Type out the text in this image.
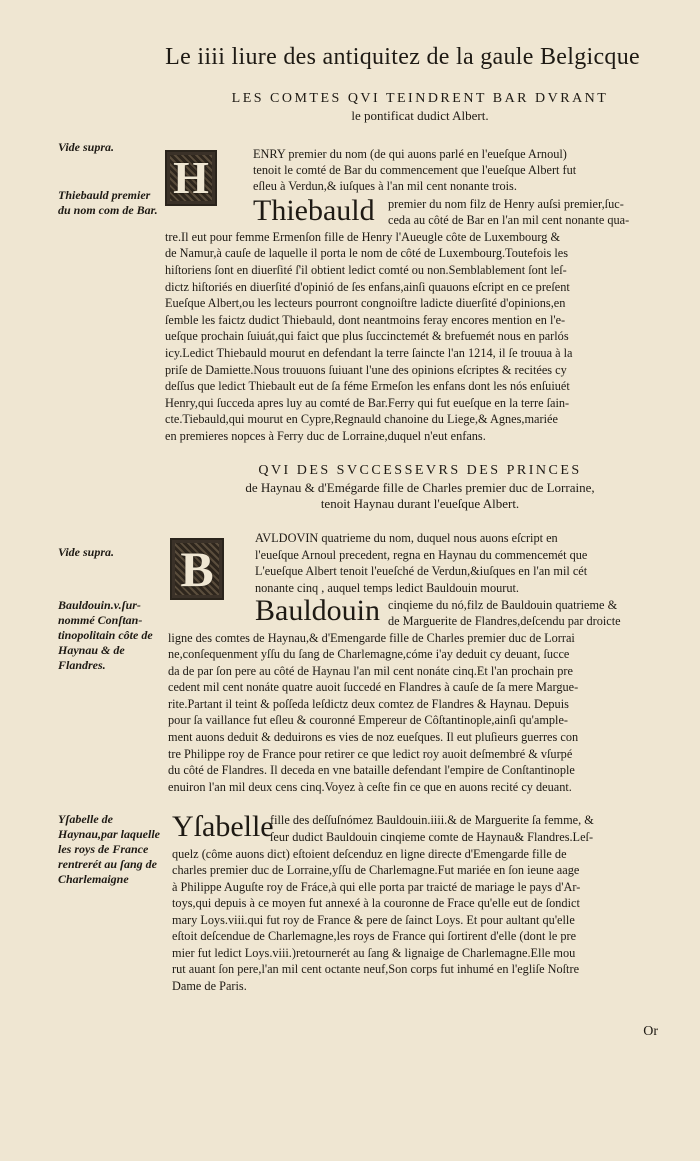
Le iiii liure des antiquitez de la gaule Belgicque
LES COMTES QVI TEINDRENT BAR DVRANT
le pontificat dudict Albert.
Vide supra.
Thiebauld premier du nom com de Bar.
H	ENRY premier du nom (de qui auons parlé en l'eueſque Arnoul)
tenoit le comté de Bar du commencement que l'eueſque Albert fut
eſleu à Verdun,& iuſques à l'an mil cent nonante trois.
Thiebauld premier du nom filz de Henry auſsi premier,ſuc-
ceda au côté de Bar en l'an mil cent nonante qua-
tre.Il eut pour femme Ermenſon fille de Henry l'Aueugle côte de Luxembourg &
de Namur,à cauſe de laquelle il porta le nom de côté de Luxembourg.Toutefois les
hiſtoriens ſont en diuerſité ſ'il obtient ledict comté ou non.Semblablement ſont leſ-
dictz hiſtoriés en diuerſité d'opinió de ſes enfans,ainſi quauons eſcript en ce preſent
Eueſque Albert,ou les lecteurs pourront congnoiſtre ladicte diuerſité d'opinions,en
ſemble les faictz dudict Thiebauld, dont neantmoins feray encores mention en l'e-
ueſque prochain ſuiuát,qui faict que plus ſuccinctemét & brefuemét nous en parlós
icy.Ledict Thiebauld mourut en defendant la terre ſaincte l'an 1214, il ſe trouua à la
priſe de Damiette.Nous trouuons ſuiuant l'une des opinions eſcriptes & recitées cy
deſſus que ledict Thiebault eut de ſa féme Ermeſon les enfans dont les nós enſuiuét
Henry,qui ſucceda apres luy au comté de Bar.Ferry qui fut eueſque en la terre ſain-
cte.Tiebauld,qui mourut en Cypre,Regnauld chanoine du Liege,& Agnes,mariée
en premieres nopces à Ferry duc de Lorraine,duquel n'eut enfans.
QVI DES SVCCESSEVRS DES PRINCES
de Haynau & d'Emégarde fille de Charles premier duc de Lorraine,
tenoit Haynau durant l'eueſque Albert.
Vide supra.
Bauldouin.v.ſur-nommé Conſtan-tinopolitain côte de Haynau & de Flandres.
B
AVLDOVIN quatrieme du nom, duquel nous auons eſcript en
l'eueſque Arnoul precedent, regna en Haynau du commencemét que
L'eueſque Albert tenoit l'eueſché de Verdun,&iuſques en l'an mil cét
nonante cinq , auquel temps ledict Bauldouin mourut.
Bauldouin cinqieme du nó,filz de Bauldouin quatrieme &
de Marguerite de Flandres,deſcendu par droicte
ligne des comtes de Haynau,& d'Emengarde fille de Charles premier duc de Lorrai
ne,conſequenment yſſu du ſang de Charlemagne,cóme i'ay deduit cy deuant, ſucce
da de par ſon pere au côté de Haynau l'an mil cent nonáte cinq.Et l'an prochain pre
cedent mil cent nonáte quatre auoit ſuccedé en Flandres à cauſe de ſa mere Margue-
rite.Partant il teint & poſſeda leſdictz deux comtez de Flandres & Haynau. Depuis
pour ſa vaillance fut eſleu & couronné Empereur de Côſtantinople,ainſi qu'ample-
ment auons deduit & deduirons es vies de noz eueſques. Il eut pluſieurs guerres con
tre Philippe roy de France pour retirer ce que ledict roy auoit deſmembré & vſurpé
du côté de Flandres. Il deceda en vne bataille defendant l'empire de Conſtantinople
enuiron l'an mil deux cens cinq.Voyez à ceſte fin ce que en auons recité cy deuant.
Yſabelle de Haynau,par laquelle les roys de France rentrerét au ſang de Charlemaigne
Yſabelle
fille des deſſuſnómez Bauldouin.iiii.& de Marguerite ſa femme, &
ſeur dudict Bauldouin cinqieme comte de Haynau& Flandres.Leſ-
quelz (côme auons dict) eſtoient deſcenduz en ligne directe d'Emengarde fille de
charles premier duc de Lorraine,yſſu de Charlemagne.Fut mariée en ſon ieune aage
à Philippe Auguſte roy de Fráce,à qui elle porta par traicté de mariage le pays d'Ar-
toys,qui depuis à ce moyen fut annexé à la couronne de Frace qu'elle eut de ſondict
mary Loys.viii.qui fut roy de France & pere de ſainct Loys. Et pour aultant qu'elle
eſtoit deſcendue de Charlemagne,les roys de France qui ſortirent d'elle (dont le pre
mier fut ledict Loys.viii.)retournerét au ſang & lignaige de Charlemagne.Elle mou
rut auant ſon pere,l'an mil cent octante neuf,Son corps fut inhumé en l'egliſe Noſtre
Dame de Paris.
Or
